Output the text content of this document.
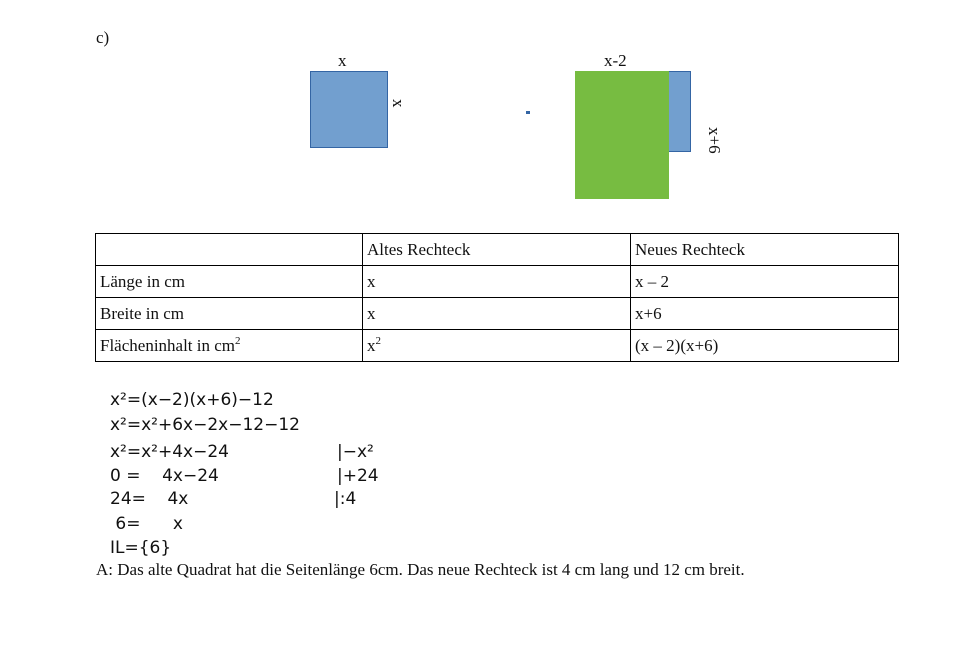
c)
x
x
x-2
x+6
	Altes Rechteck	Neues Rechteck
Länge in cm	x	x – 2
Breite in cm	x	x+6
Flächeninhalt in $cm^2$	$x^2$	(x – 2)(x+6)
x²=(x−2)(x+6)−12
x²=x²+6x−2x−12−12
x²=x²+4x−24	|−x²
0 =    4x−24	|+24
24=    4x	|:4
6=      x
IL={6}
A: Das alte Quadrat hat die Seitenlänge 6cm. Das neue Rechteck ist 4 cm lang und 12 cm breit.
